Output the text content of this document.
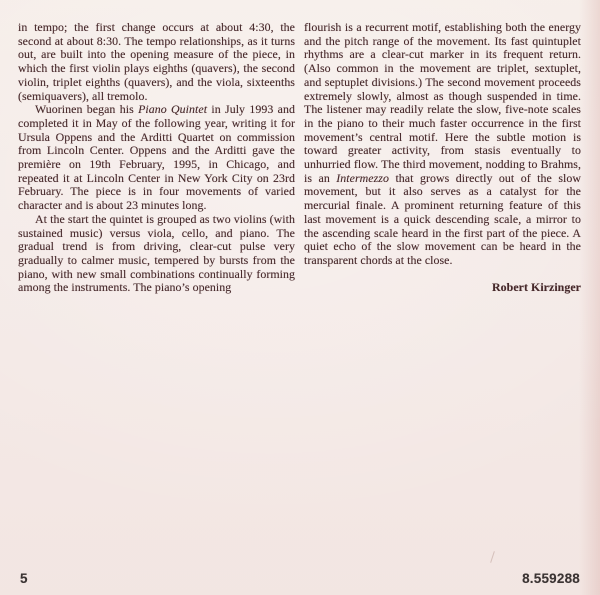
in tempo; the first change occurs at about 4:30, the second at about 8:30. The tempo relationships, as it turns out, are built into the opening measure of the piece, in which the first violin plays eighths (quavers), the second violin, triplet eighths (quavers), and the viola, sixteenths (semiquavers), all tremolo.

Wuorinen began his Piano Quintet in July 1993 and completed it in May of the following year, writing it for Ursula Oppens and the Arditti Quartet on commission from Lincoln Center. Oppens and the Arditti gave the première on 19th February, 1995, in Chicago, and repeated it at Lincoln Center in New York City on 23rd February. The piece is in four movements of varied character and is about 23 minutes long.

At the start the quintet is grouped as two violins (with sustained music) versus viola, cello, and piano. The gradual trend is from driving, clear-cut pulse very gradually to calmer music, tempered by bursts from the piano, with new small combinations continually forming among the instruments. The piano’s opening

flourish is a recurrent motif, establishing both the energy and the pitch range of the movement. Its fast quintuplet rhythms are a clear-cut marker in its frequent return. (Also common in the movement are triplet, sextuplet, and septuplet divisions.) The second movement proceeds extremely slowly, almost as though suspended in time. The listener may readily relate the slow, five-note scales in the piano to their much faster occurrence in the first movement’s central motif. Here the subtle motion is toward greater activity, from stasis eventually to unhurried flow. The third movement, nodding to Brahms, is an Intermezzo that grows directly out of the slow movement, but it also serves as a catalyst for the mercurial finale. A prominent returning feature of this last movement is a quick descending scale, a mirror to the ascending scale heard in the first part of the piece. A quiet echo of the slow movement can be heard in the transparent chords at the close.

Robert Kirzinger
5	8.559288
